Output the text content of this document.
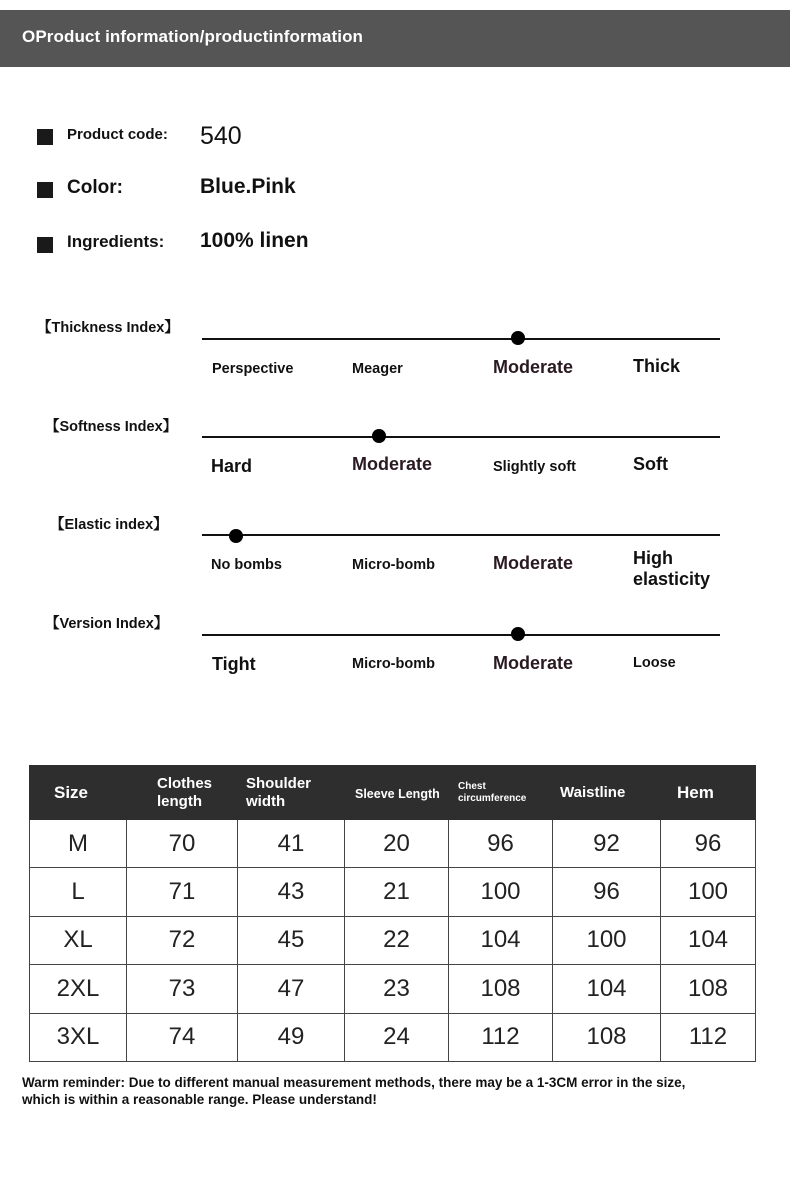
OProduct information/productinformation
Product code: 540
Color:	Blue.Pink
Ingredients: 100% linen
【Thickness Index】
Perspective	Meager	Moderate	Thick
【Softness Index】
Hard	Moderate	Slightly soft	Soft
【Elastic index】
No bombs	Micro-bomb	Moderate	High elasticity
【Version Index】
Tight	Micro-bomb	Moderate	Loose
Size	Clothes length	Shoulder width	Sleeve Length	Chest circumference	Waistline	Hem
M	70	41	20	96	92	96
L	71	43	21	100	96	100
XL	72	45	22	104	100	104
2XL	73	47	23	108	104	108
3XL	74	49	24	112	108	112
Warm reminder: Due to different manual measurement methods, there may be a 1-3CM error in the size, which is within a reasonable range. Please understand!
